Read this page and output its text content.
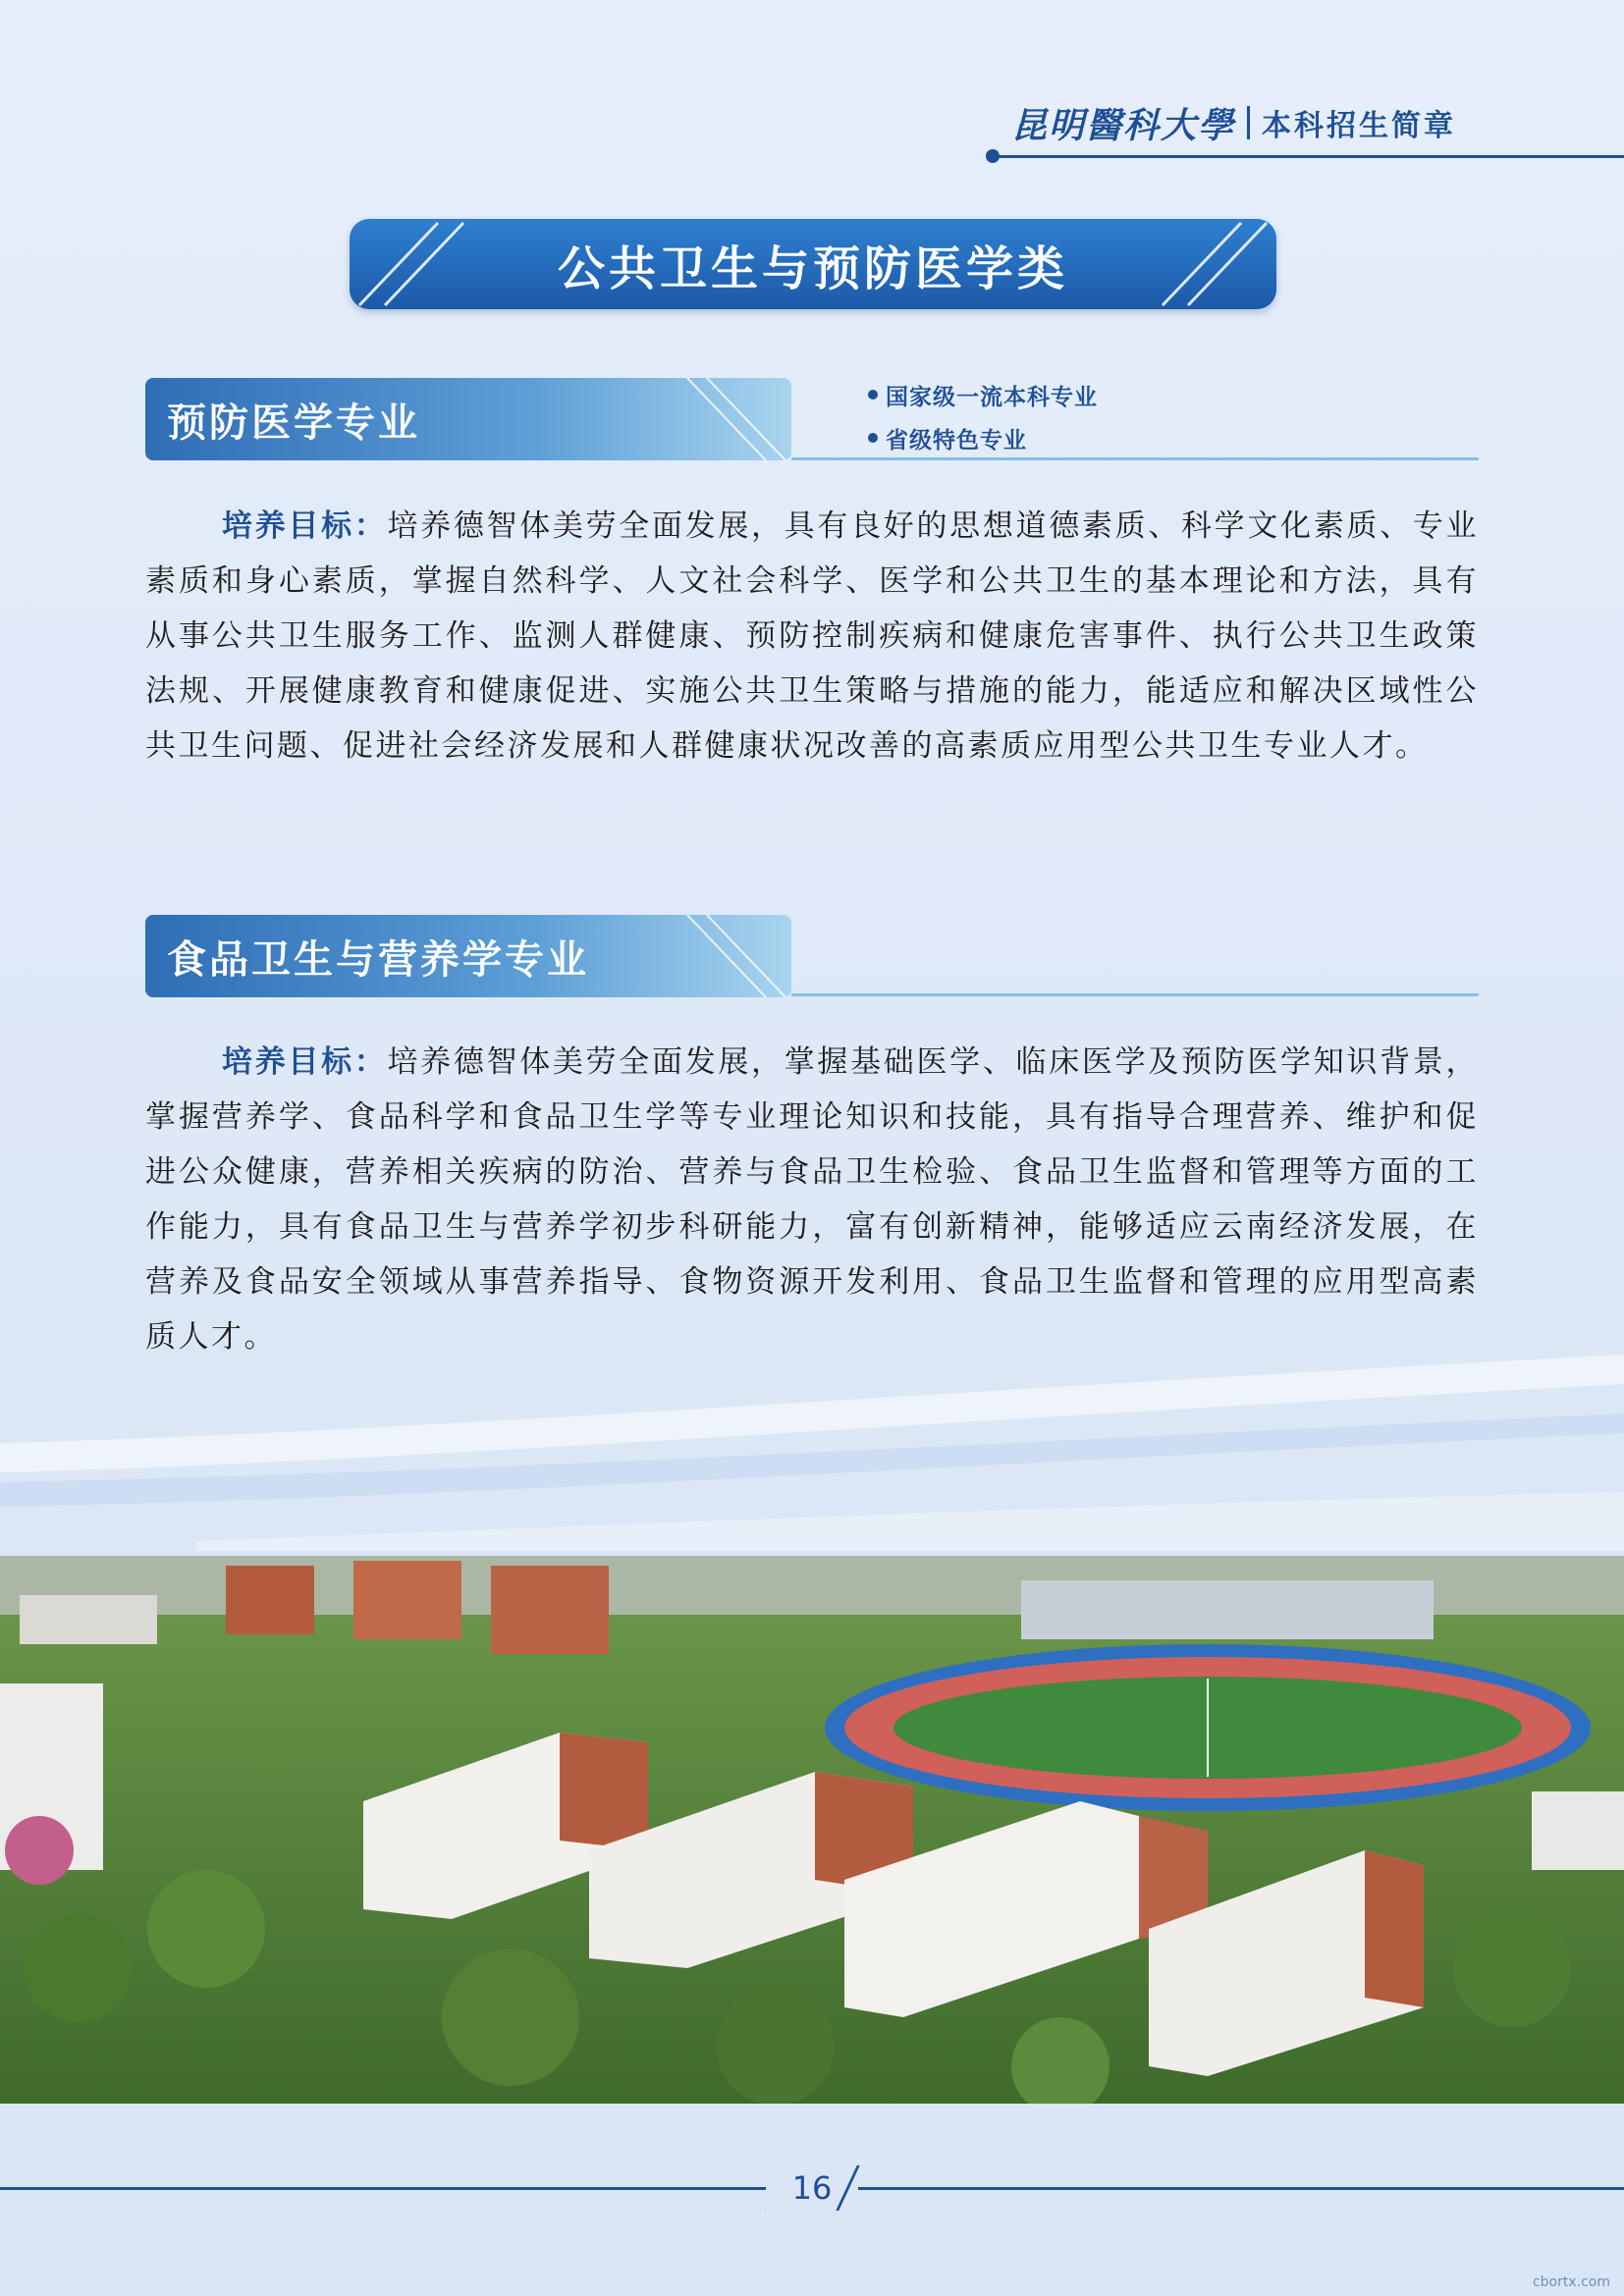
昆明醫科大學 本科招生简章
公共卫生与预防医学类
预防医学专业
国家级一流本科专业
省级特色专业

培养目标：培养德智体美劳全面发展，具有良好的思想道德素质、科学文化素质、专业素质和身心素质，掌握自然科学、人文社会科学、医学和公共卫生的基本理论和方法，具有从事公共卫生服务工作、监测人群健康、预防控制疾病和健康危害事件、执行公共卫生政策法规、开展健康教育和健康促进、实施公共卫生策略与措施的能力，能适应和解决区域性公共卫生问题、促进社会经济发展和人群健康状况改善的高素质应用型公共卫生专业人才。

食品卫生与营养学专业

培养目标：培养德智体美劳全面发展，掌握基础医学、临床医学及预防医学知识背景，掌握营养学、食品科学和食品卫生学等专业理论知识和技能，具有指导合理营养、维护和促进公众健康，营养相关疾病的防治、营养与食品卫生检验、食品卫生监督和管理等方面的工作能力，具有食品卫生与营养学初步科研能力，富有创新精神，能够适应云南经济发展，在营养及食品安全领域从事营养指导、食物资源开发利用、食品卫生监督和管理的应用型高素质人才。

16
cbortx.com
